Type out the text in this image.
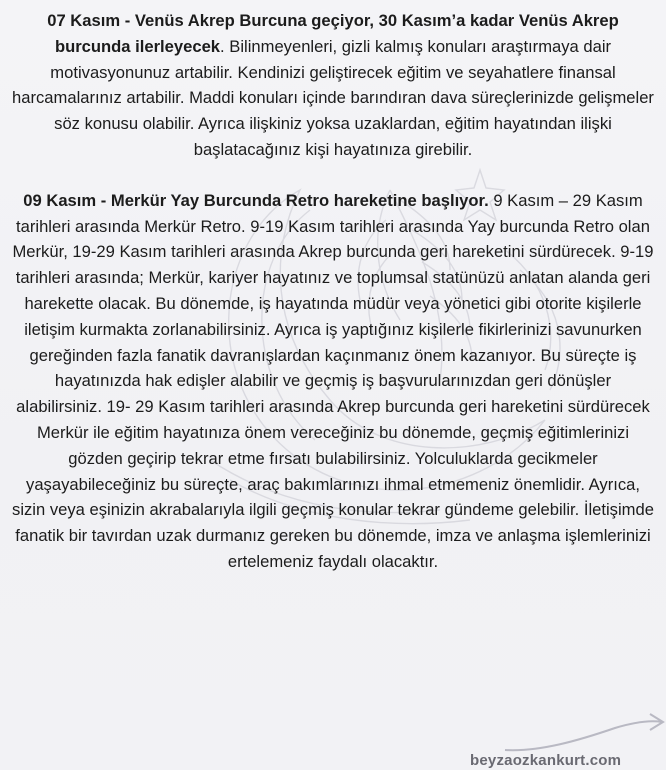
07 Kasım - Venüs Akrep Burcuna geçiyor, 30 Kasım’a kadar Venüs Akrep burcunda ilerleyecek. Bilinmeyenleri, gizli kalmış konuları araştırmaya dair motivasyonunuz artabilir. Kendinizi geliştirecek eğitim ve seyahatlere finansal harcamalarınız artabilir. Maddi konuları içinde barındıran dava süreçlerinizde gelişmeler söz konusu olabilir. Ayrıca ilişkiniz yoksa uzaklardan, eğitim hayatından ilişki başlatacağınız kişi hayatınıza girebilir.

09 Kasım - Merkür Yay Burcunda Retro hareketine başlıyor. 9 Kasım – 29 Kasım tarihleri arasında Merkür Retro. 9-19 Kasım tarihleri arasında Yay burcunda Retro olan Merkür, 19-29 Kasım tarihleri arasında Akrep burcunda geri hareketini sürdürecek. 9-19 tarihleri arasında; Merkür, kariyer hayatınız ve toplumsal statünüzü anlatan alanda geri harekette olacak. Bu dönemde, iş hayatında müdür veya yönetici gibi otorite kişilerle iletişim kurmakta zorlanabilirsiniz. Ayrıca iş yaptığınız kişilerle fikirlerinizi savunurken gereğinden fazla fanatik davranışlardan kaçınmanız önem kazanıyor. Bu süreçte iş hayatınızda hak edişler alabilir ve geçmiş iş başvurularınızdan geri dönüşler alabilirsiniz. 19- 29 Kasım tarihleri arasında Akrep burcunda geri hareketini sürdürecek Merkür ile eğitim hayatınıza önem vereceğiniz bu dönemde, geçmiş eğitimlerinizi gözden geçirip tekrar etme fırsatı bulabilirsiniz. Yolculuklarda gecikmeler yaşayabileceğiniz bu süreçte, araç bakımlarınızı ihmal etmemeniz önemlidir. Ayrıca, sizin veya eşinizin akrabalarıyla ilgili geçmiş konular tekrar gündeme gelebilir. İletişimde fanatik bir tavırdan uzak durmanız gereken bu dönemde, imza ve anlaşma işlemlerinizi ertelemeniz faydalı olacaktır.

beyzaozkankurt.com
